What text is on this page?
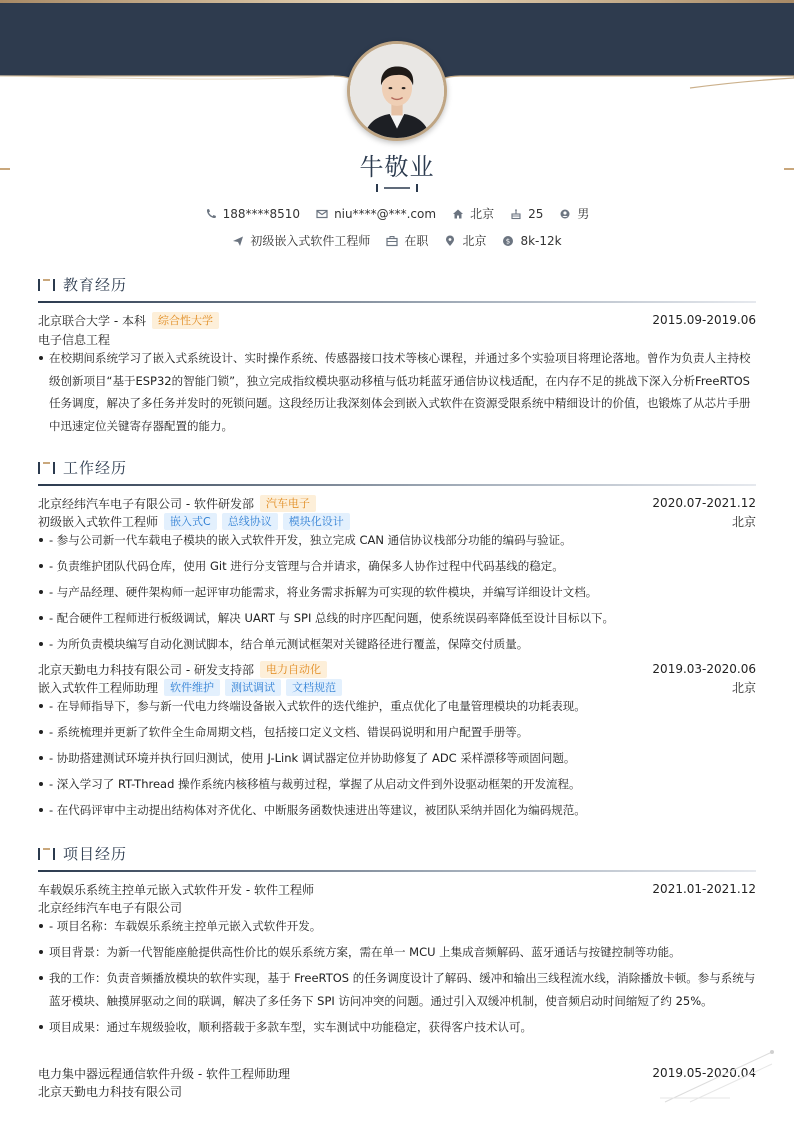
牛敬业
188****8510	niu****@***.com	北京	25	男
初级嵌入式软件工程师	在职	北京	$ 8k-12k
教育经历
北京联合大学 - 本科	综合性大学	2015.09-2019.06
电子信息工程
在校期间系统学习了嵌入式系统设计、实时操作系统、传感器接口技术等核心课程，并通过多个实验项目将理论落地。曾作为负责人主持校级创新项目“基于ESP32的智能门锁”，独立完成指纹模块驱动移植与低功耗蓝牙通信协议栈适配，在内存不足的挑战下深入分析FreeRTOS任务调度，解决了多任务并发时的死锁问题。这段经历让我深刻体会到嵌入式软件在资源受限系统中精细设计的价值，也锻炼了从芯片手册中迅速定位关键寄存器配置的能力。
工作经历
北京经纬汽车电子有限公司 - 软件研发部	汽车电子	2020.07-2021.12
初级嵌入式软件工程师	嵌入式C	总线协议	模块化设计	北京
- 参与公司新一代车载电子模块的嵌入式软件开发，独立完成 CAN 通信协议栈部分功能的编码与验证。
- 负责维护团队代码仓库，使用 Git 进行分支管理与合并请求，确保多人协作过程中代码基线的稳定。
- 与产品经理、硬件架构师一起评审功能需求，将业务需求拆解为可实现的软件模块，并编写详细设计文档。
- 配合硬件工程师进行板级调试，解决 UART 与 SPI 总线的时序匹配问题，使系统误码率降低至设计目标以下。
- 为所负责模块编写自动化测试脚本，结合单元测试框架对关键路径进行覆盖，保障交付质量。
北京天勤电力科技有限公司 - 研发支持部	电力自动化	2019.03-2020.06
嵌入式软件工程师助理	软件维护	测试调试	文档规范	北京
- 在导师指导下，参与新一代电力终端设备嵌入式软件的迭代维护，重点优化了电量管理模块的功耗表现。
- 系统梳理并更新了软件全生命周期文档，包括接口定义文档、错误码说明和用户配置手册等。
- 协助搭建测试环境并执行回归测试，使用 J-Link 调试器定位并协助修复了 ADC 采样漂移等顽固问题。
- 深入学习了 RT-Thread 操作系统内核移植与裁剪过程，掌握了从启动文件到外设驱动框架的开发流程。
- 在代码评审中主动提出结构体对齐优化、中断服务函数快速进出等建议，被团队采纳并固化为编码规范。
项目经历
车载娱乐系统主控单元嵌入式软件开发 - 软件工程师	2021.01-2021.12
北京经纬汽车电子有限公司
- 项目名称：车载娱乐系统主控单元嵌入式软件开发。
项目背景：为新一代智能座舱提供高性价比的娱乐系统方案，需在单一 MCU 上集成音频解码、蓝牙通话与按键控制等功能。
我的工作：负责音频播放模块的软件实现，基于 FreeRTOS 的任务调度设计了解码、缓冲和输出三线程流水线，消除播放卡顿。参与系统与蓝牙模块、触摸屏驱动之间的联调，解决了多任务下 SPI 访问冲突的问题。通过引入双缓冲机制，使音频启动时间缩短了约 25%。
项目成果：通过车规级验收，顺利搭载于多款车型，实车测试中功能稳定，获得客户技术认可。
电力集中器远程通信软件升级 - 软件工程师助理	2019.05-2020.04
北京天勤电力科技有限公司
